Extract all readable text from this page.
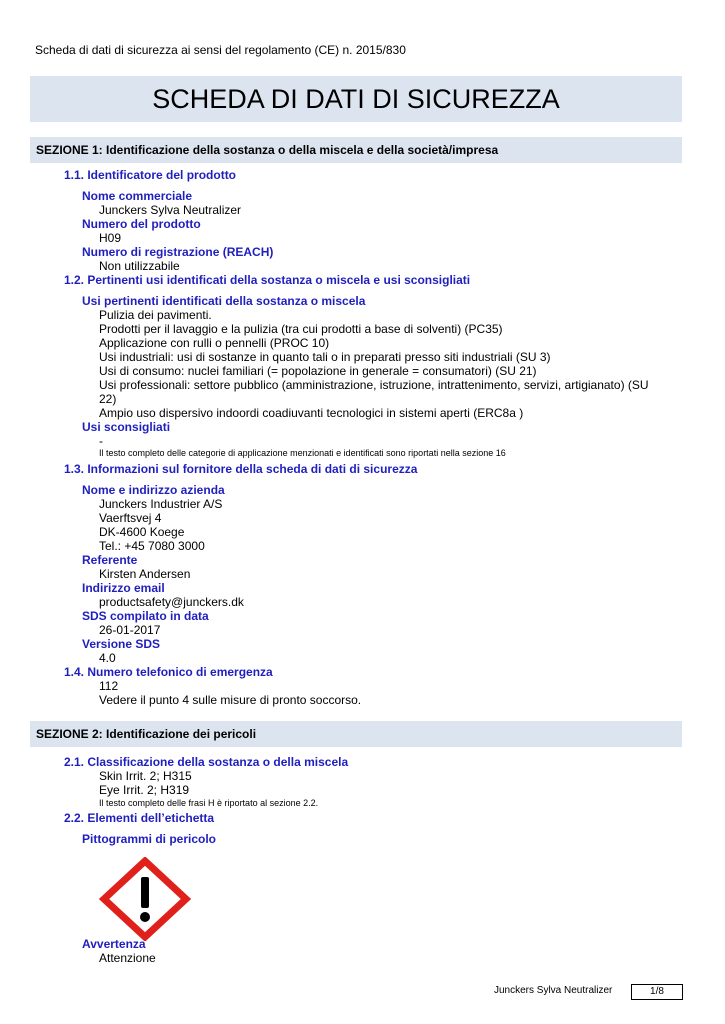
Scheda di dati di sicurezza ai sensi del regolamento (CE) n. 2015/830
SCHEDA DI DATI DI SICUREZZA
SEZIONE 1: Identificazione della sostanza o della miscela e della società/impresa
1.1. Identificatore del prodotto
Nome commerciale
Junckers Sylva Neutralizer
Numero del prodotto
H09
Numero di registrazione (REACH)
Non utilizzabile
1.2. Pertinenti usi identificati della sostanza o miscela e usi sconsigliati
Usi pertinenti identificati della sostanza o miscela
Pulizia dei pavimenti.
Prodotti per il lavaggio e la pulizia (tra cui prodotti a base di solventi) (PC35)
Applicazione con rulli o pennelli (PROC 10)
Usi industriali: usi di sostanze in quanto tali o in preparati presso siti industriali (SU 3)
Usi di consumo: nuclei familiari (= popolazione in generale = consumatori) (SU 21)
Usi professionali: settore pubblico (amministrazione, istruzione, intrattenimento, servizi, artigianato) (SU
22)
Ampio uso dispersivo indoordi coadiuvanti tecnologici in sistemi aperti (ERC8a )
Usi sconsigliati
-
Il testo completo delle categorie di applicazione menzionati e identificati sono riportati nella sezione 16
1.3. Informazioni sul fornitore della scheda di dati di sicurezza
Nome e indirizzo azienda
Junckers Industrier A/S
Vaerftsvej 4
DK-4600 Koege
Tel.: +45 7080 3000
Referente
Kirsten Andersen
Indirizzo email
productsafety@junckers.dk
SDS compilato in data
26-01-2017
Versione SDS
4.0
1.4. Numero telefonico di emergenza
112
Vedere il punto 4 sulle misure di pronto soccorso.
SEZIONE 2: Identificazione dei pericoli
2.1. Classificazione della sostanza o della miscela
Skin Irrit. 2; H315
Eye Irrit. 2; H319
Il testo completo delle frasi H è riportato al sezione 2.2.
2.2. Elementi dell’etichetta
Pittogrammi di pericolo
Avvertenza
Attenzione
Junckers Sylva Neutralizer	1/8
